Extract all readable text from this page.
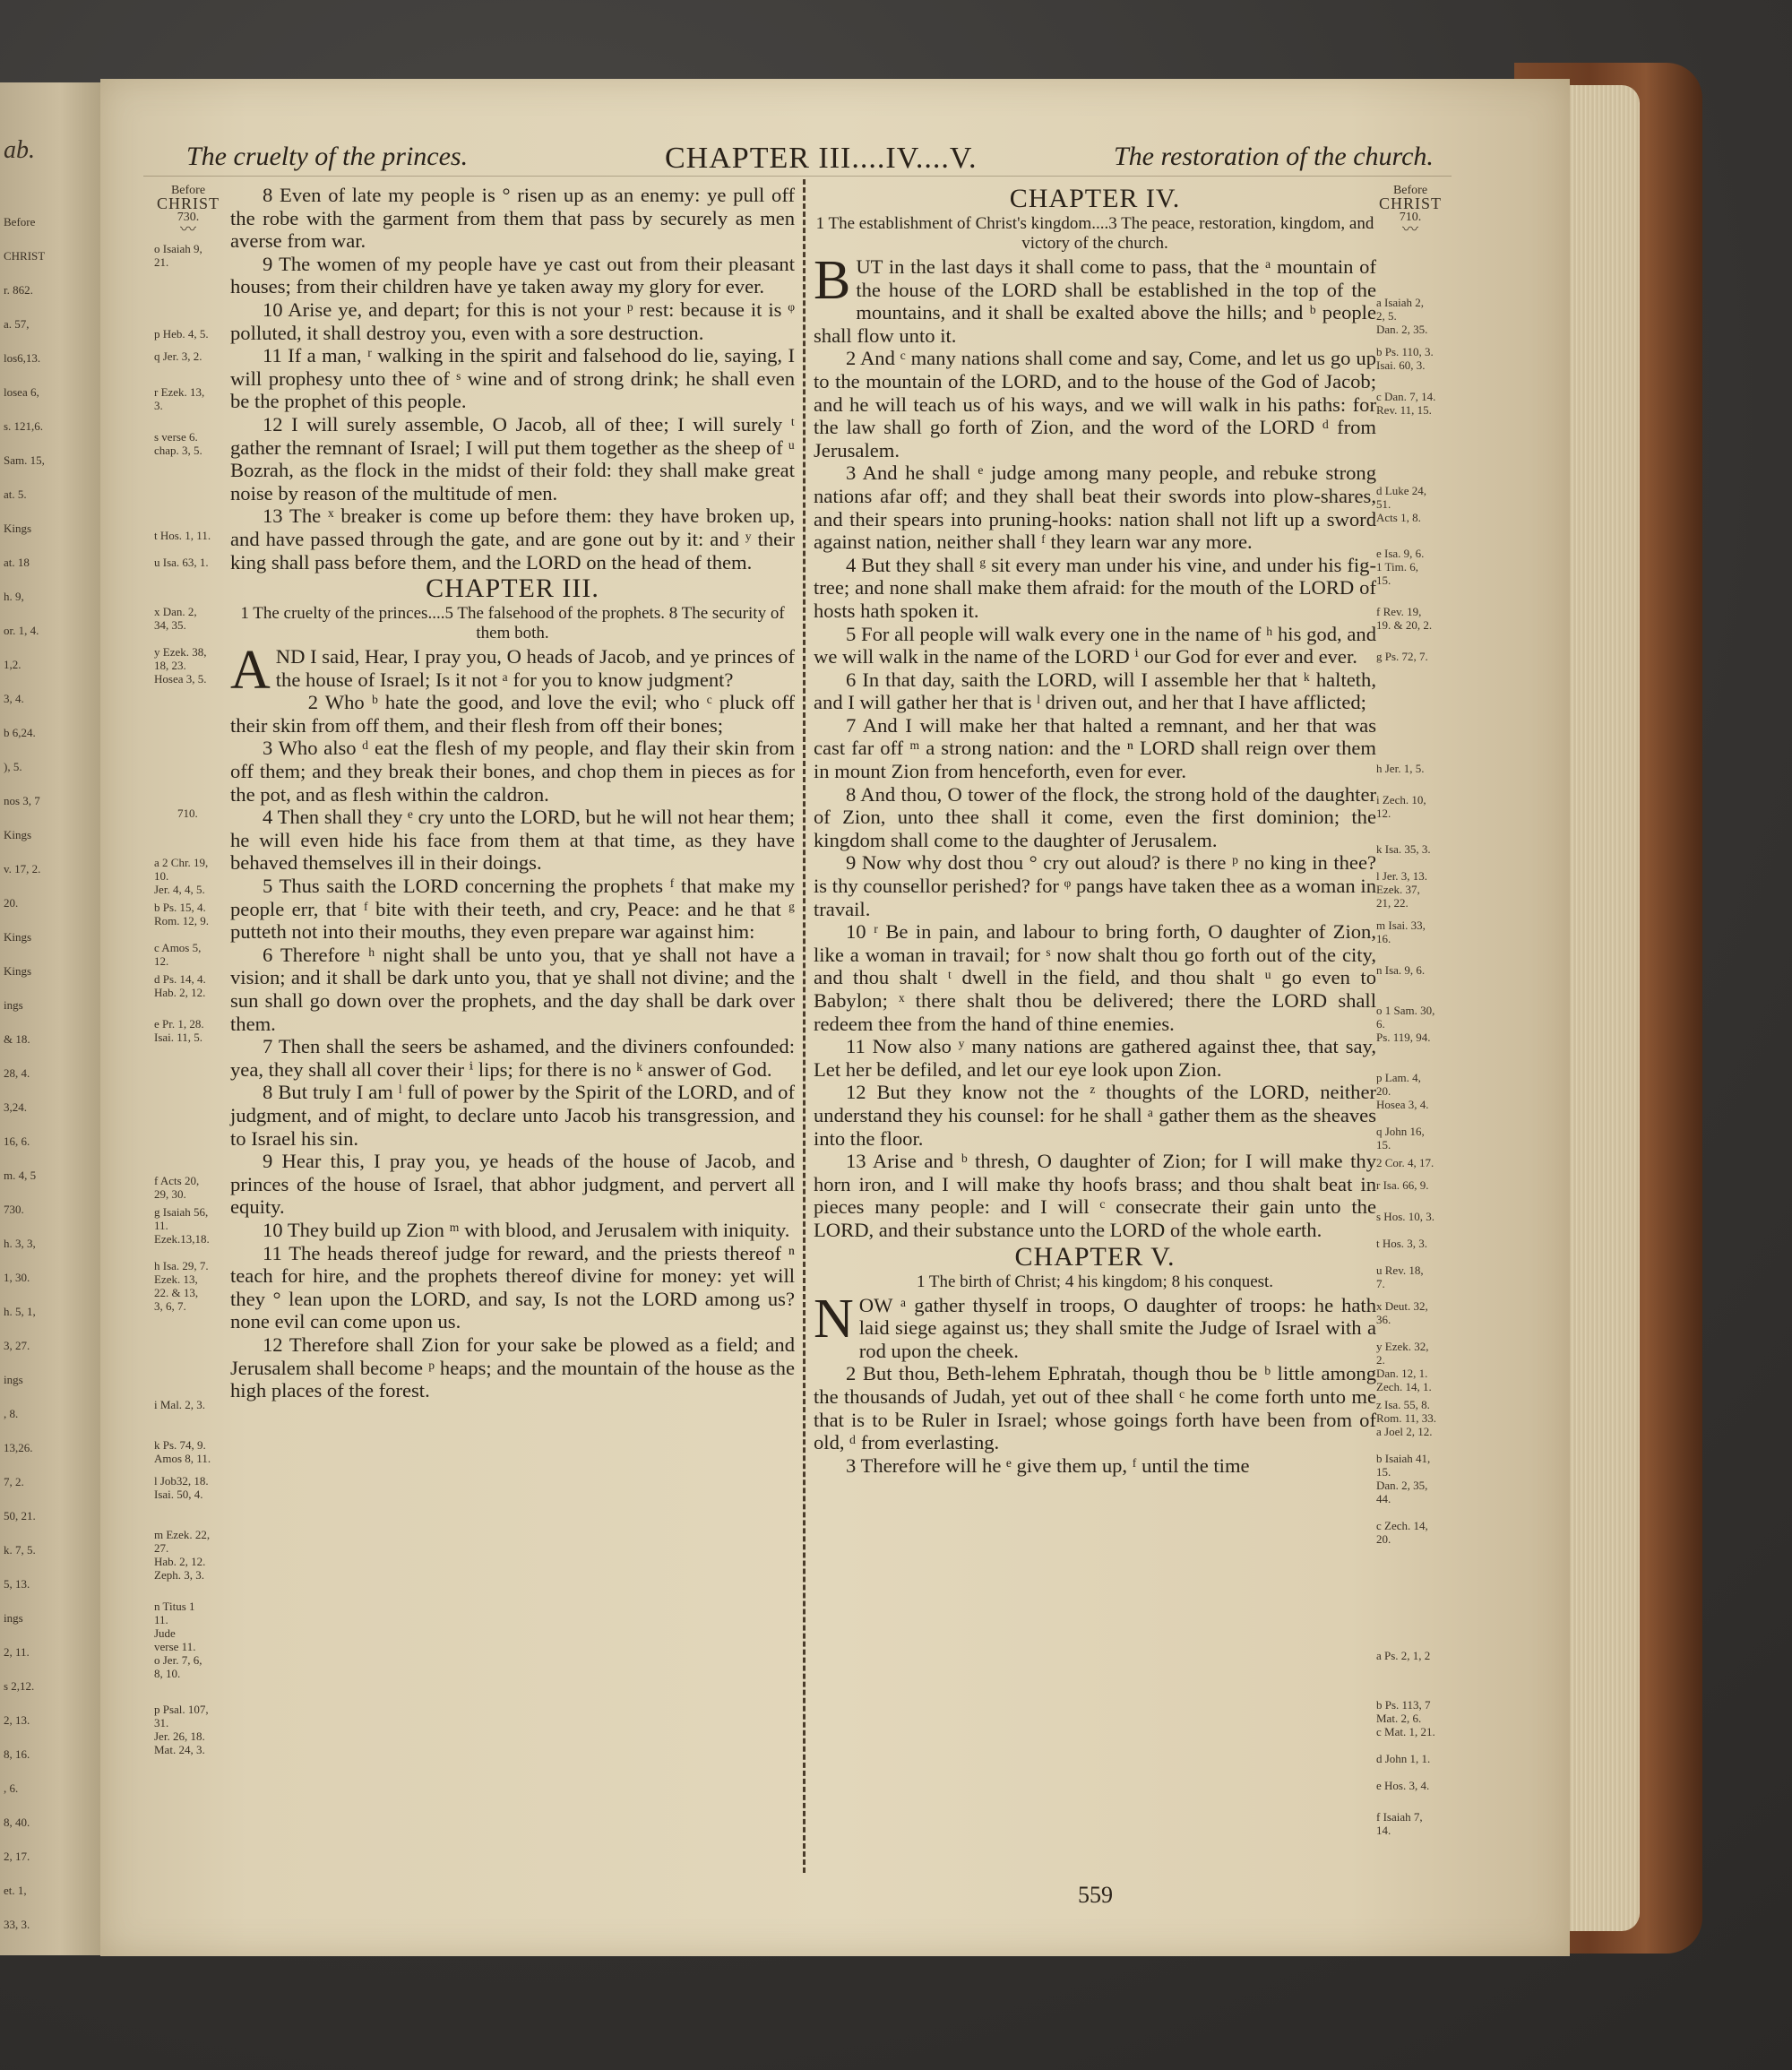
ab.
Before
CHRIST
r. 862.
a. 57,
los6,13.
losea 6,
s. 121,6.
Sam. 15,
at. 5.
Kings
at. 18
h. 9,
or. 1, 4.
1,2.
3, 4.
b 6,24.
), 5.
nos 3, 7
Kings
v. 17, 2.
20.
Kings
Kings
ings
& 18.
28, 4.
3,24.
16, 6.
m. 4, 5
730.
h. 3, 3,
1, 30.
h. 5, 1,
3, 27.
ings
, 8.
13,26.
7, 2.
50, 21.
k. 7, 5.
5, 13.
ings
2, 11.
s 2,12.
2, 13.
8, 16.
, 6.
8, 40.
2, 17.
et. 1,
33, 3.
The cruelty of the princes.	CHAPTER III....IV....V.	The restoration of the church.
Before
CHRIST
730.
〰
710.
o Isaiah 9,
21.
p Heb. 4, 5.
q Jer. 3, 2.
r Ezek. 13,
3.
s verse 6.
chap. 3, 5.
t Hos. 1, 11.
u Isa. 63, 1.
x Dan. 2,
34, 35.
y Ezek. 38,
18, 23.
Hosea 3, 5.
a 2 Chr. 19,
10.
Jer. 4, 4, 5.
b Ps. 15, 4.
Rom. 12, 9.
c Amos 5,
12.
d Ps. 14, 4.
Hab. 2, 12.
e Pr. 1, 28.
Isai. 11, 5.
f Acts 20,
29, 30.
g Isaiah 56,
11.
Ezek.13,18.
h Isa. 29, 7.
Ezek. 13,
22. & 13,
3, 6, 7.
i Mal. 2, 3.
k Ps. 74, 9.
Amos 8, 11.
l Job32, 18.
Isai. 50, 4.
m Ezek. 22,
27.
Hab. 2, 12.
Zeph. 3, 3.
n Titus 1
11.
Jude
verse 11.
o Jer. 7, 6,
8, 10.
p Psal. 107,
31.
Jer. 26, 18.
Mat. 24, 3.
Before
CHRIST
710.
〰
a Isaiah 2,
2, 5.
Dan. 2, 35.
b Ps. 110, 3.
Isai. 60, 3.
c Dan. 7, 14.
Rev. 11, 15.
d Luke 24,
51.
Acts 1, 8.
e Isa. 9, 6.
1 Tim. 6,
15.
f Rev. 19,
19. & 20, 2.
g Ps. 72, 7.
h Jer. 1, 5.
i Zech. 10,
12.
k Isa. 35, 3.
l Jer. 3, 13.
Ezek. 37,
21, 22.
m Isai. 33,
16.
n Isa. 9, 6.
o 1 Sam. 30,
6.
Ps. 119, 94.
p Lam. 4,
20.
Hosea 3, 4.
q John 16,
15.
2 Cor. 4, 17.
r Isa. 66, 9.
s Hos. 10, 3.
t Hos. 3, 3.
u Rev. 18,
7.
x Deut. 32,
36.
y Ezek. 32,
2.
Dan. 12, 1.
Zech. 14, 1.
z Isa. 55, 8.
Rom. 11, 33.
a Joel 2, 12.
b Isaiah 41,
15.
Dan. 2, 35,
44.
c Zech. 14,
20.
a Ps. 2, 1, 2
b Ps. 113, 7
Mat. 2, 6.
c Mat. 1, 21.
d John 1, 1.
e Hos. 3, 4.
f Isaiah 7,
14.

8 Even of late my people is ° risen up as an enemy: ye pull off the robe with the garment from them that pass by securely as men averse from war.

9 The women of my people have ye cast out from their pleasant houses; from their children have ye taken away my glory for ever.

10 Arise ye, and depart; for this is not your ᵖ rest: because it is ᵠ polluted, it shall destroy you, even with a sore destruction.

11 If a man, ʳ walking in the spirit and falsehood do lie, saying, I will prophesy unto thee of ˢ wine and of strong drink; he shall even be the prophet of this people.

12 I will surely assemble, O Jacob, all of thee; I will surely ᵗ gather the remnant of Israel; I will put them together as the sheep of ᵘ Bozrah, as the flock in the midst of their fold: they shall make great noise by reason of the multitude of men.

13 The ˣ breaker is come up before them: they have broken up, and have passed through the gate, and are gone out by it: and ʸ their king shall pass before them, and the LORD on the head of them.

CHAPTER III.

1 The cruelty of the princes....5 The falsehood of the prophets. 8 The security of them both.

AND I said, Hear, I pray you, O heads of Jacob, and ye princes of the house of Israel; Is it not ᵃ for you to know judgment?

2 Who ᵇ hate the good, and love the evil; who ᶜ pluck off their skin from off them, and their flesh from off their bones;

3 Who also ᵈ eat the flesh of my people, and flay their skin from off them; and they break their bones, and chop them in pieces as for the pot, and as flesh within the caldron.

4 Then shall they ᵉ cry unto the LORD, but he will not hear them; he will even hide his face from them at that time, as they have behaved themselves ill in their doings.

5 Thus saith the LORD concerning the prophets ᶠ that make my people err, that ᶠ bite with their teeth, and cry, Peace: and he that ᵍ putteth not into their mouths, they even prepare war against him:

6 Therefore ʰ night shall be unto you, that ye shall not have a vision; and it shall be dark unto you, that ye shall not divine; and the sun shall go down over the prophets, and the day shall be dark over them.

7 Then shall the seers be ashamed, and the diviners confounded: yea, they shall all cover their ⁱ lips; for there is no ᵏ answer of God.

8 But truly I am ˡ full of power by the Spirit of the LORD, and of judgment, and of might, to declare unto Jacob his transgression, and to Israel his sin.

9 Hear this, I pray you, ye heads of the house of Jacob, and princes of the house of Israel, that abhor judgment, and pervert all equity.

10 They build up Zion ᵐ with blood, and Jerusalem with iniquity.

11 The heads thereof judge for reward, and the priests thereof ⁿ teach for hire, and the prophets thereof divine for money: yet will they ° lean upon the LORD, and say, Is not the LORD among us? none evil can come upon us.

12 Therefore shall Zion for your sake be plowed as a field; and Jerusalem shall become ᵖ heaps; and the mountain of the house as the high places of the forest.

CHAPTER IV.

1 The establishment of Christ's kingdom....3 The peace, restoration, kingdom, and victory of the church.

BUT in the last days it shall come to pass, that the ᵃ mountain of the house of the LORD shall be established in the top of the mountains, and it shall be exalted above the hills; and ᵇ people shall flow unto it.

2 And ᶜ many nations shall come and say, Come, and let us go up to the mountain of the LORD, and to the house of the God of Jacob; and he will teach us of his ways, and we will walk in his paths: for the law shall go forth of Zion, and the word of the LORD ᵈ from Jerusalem.

3 And he shall ᵉ judge among many people, and rebuke strong nations afar off; and they shall beat their swords into plow-shares, and their spears into pruning-hooks: nation shall not lift up a sword against nation, neither shall ᶠ they learn war any more.

4 But they shall ᵍ sit every man under his vine, and under his fig-tree; and none shall make them afraid: for the mouth of the LORD of hosts hath spoken it.

5 For all people will walk every one in the name of ʰ his god, and we will walk in the name of the LORD ⁱ our God for ever and ever.

6 In that day, saith the LORD, will I assemble her that ᵏ halteth, and I will gather her that is ˡ driven out, and her that I have afflicted;

7 And I will make her that halted a remnant, and her that was cast far off ᵐ a strong nation: and the ⁿ LORD shall reign over them in mount Zion from henceforth, even for ever.

8 And thou, O tower of the flock, the strong hold of the daughter of Zion, unto thee shall it come, even the first dominion; the kingdom shall come to the daughter of Jerusalem.

9 Now why dost thou ° cry out aloud? is there ᵖ no king in thee? is thy counsellor perished? for ᵠ pangs have taken thee as a woman in travail.

10 ʳ Be in pain, and labour to bring forth, O daughter of Zion, like a woman in travail; for ˢ now shalt thou go forth out of the city, and thou shalt ᵗ dwell in the field, and thou shalt ᵘ go even to Babylon; ˣ there shalt thou be delivered; there the LORD shall redeem thee from the hand of thine enemies.

11 Now also ʸ many nations are gathered against thee, that say, Let her be defiled, and let our eye look upon Zion.

12 But they know not the ᶻ thoughts of the LORD, neither understand they his counsel: for he shall ᵃ gather them as the sheaves into the floor.

13 Arise and ᵇ thresh, O daughter of Zion; for I will make thy horn iron, and I will make thy hoofs brass; and thou shalt beat in pieces many people: and I will ᶜ consecrate their gain unto the LORD, and their substance unto the LORD of the whole earth.

CHAPTER V.

1 The birth of Christ; 4 his kingdom; 8 his conquest.

NOW ᵃ gather thyself in troops, O daughter of troops: he hath laid siege against us; they shall smite the Judge of Israel with a rod upon the cheek.

2 But thou, Beth-lehem Ephratah, though thou be ᵇ little among the thousands of Judah, yet out of thee shall ᶜ he come forth unto me that is to be Ruler in Israel; whose goings forth have been from of old, ᵈ from everlasting.

3 Therefore will he ᵉ give them up, ᶠ until the time

559
